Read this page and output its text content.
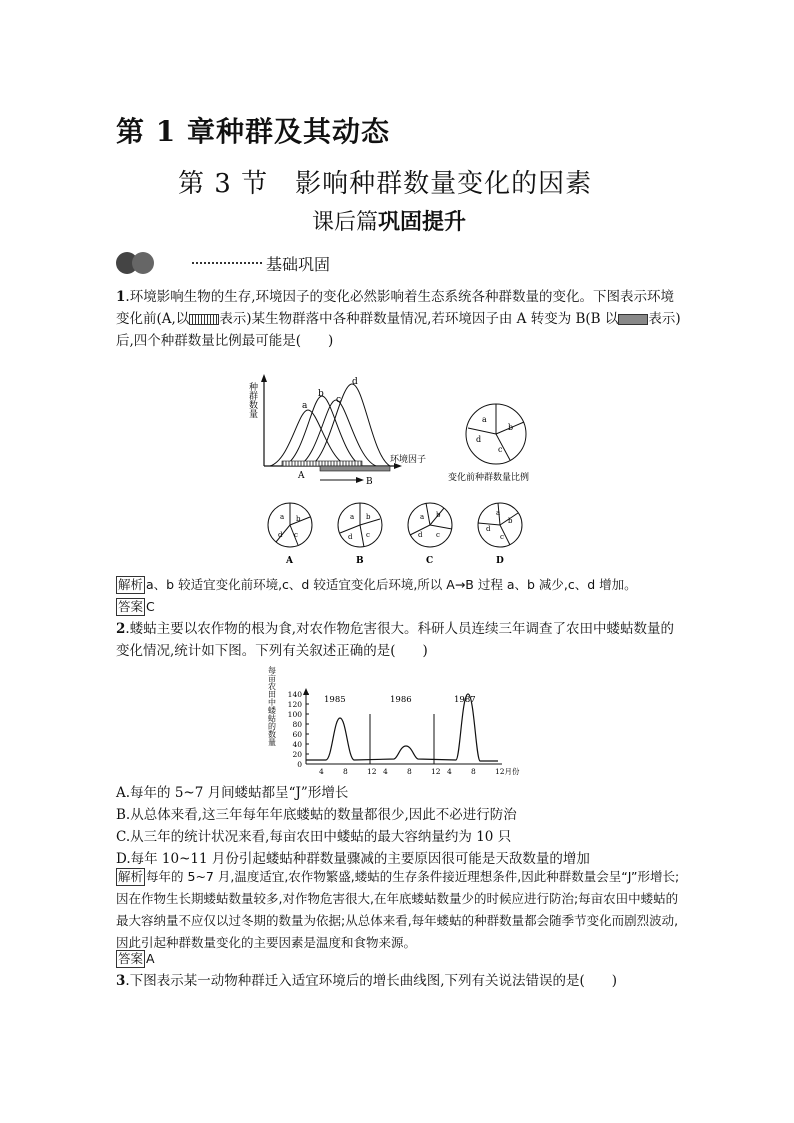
第 1 章种群及其动态
第 3 节　影响种群数量变化的因素
课后篇巩固提升
基础巩固
1.环境影响生物的生存,环境因子的变化必然影响着生态系统各种群数量的变化。下图表示环境变化前(A,以 表示)某生物群落中各种群数量情况,若环境因子由 A 转变为 B(B 以 表示)后,四个种群数量比例最可能是(　　)
种群数量
环境因子
a
b
c
d
A
B
a
b
c
d
变化前种群数量比例
a b
c
d
A
a b
c
d
B
a b
c
d
C
a
b
c
d
D
解析 a、b 较适宜变化前环境,c、d 较适宜变化后环境,所以 A→B 过程 a、b 减少,c、d 增加。
答案 C
2.蝼蛄主要以农作物的根为食,对农作物危害很大。科研人员连续三年调查了农田中蝼蛄数量的变化情况,统计如下图。下列有关叙述正确的是(　　)
每亩农田中蝼蛄的数量
0
20
40
60
80
100
120
140
4	8	12 4	8	12 4	8	12月份
1985	1986	1987
A.每年的 5~7 月间蝼蛄都呈“J”形增长
B.从总体来看,这三年每年年底蝼蛄的数量都很少,因此不必进行防治
C.从三年的统计状况来看,每亩农田中蝼蛄的最大容纳量约为 10 只
D.每年 10~11 月份引起蝼蛄种群数量骤减的主要原因很可能是天敌数量的增加
解析 每年的 5~7 月,温度适宜,农作物繁盛,蝼蛄的生存条件接近理想条件,因此种群数量会呈“J”形增长;因在作物生长期蝼蛄数量较多,对作物危害很大,在年底蝼蛄数量少的时候应进行防治;每亩农田中蝼蛄的最大容纳量不应仅以过冬期的数量为依据;从总体来看,每年蝼蛄的种群数量都会随季节变化而剧烈波动,因此引起种群数量变化的主要因素是温度和食物来源。
答案 A
3.下图表示某一动物种群迁入适宜环境后的增长曲线图,下列有关说法错误的是(　　)
